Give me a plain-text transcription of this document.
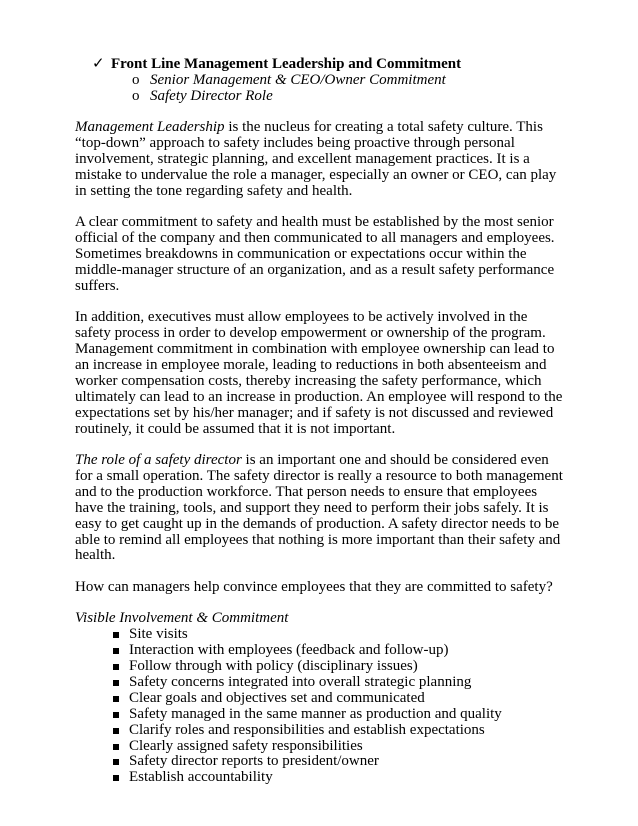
✓ Front Line Management Leadership and Commitment
o Senior Management & CEO/Owner Commitment
o Safety Director Role

Management Leadership is the nucleus for creating a total safety culture. This “top-down” approach to safety includes being proactive through personal involvement, strategic planning, and excellent management practices. It is a mistake to undervalue the role a manager, especially an owner or CEO, can play in setting the tone regarding safety and health.

A clear commitment to safety and health must be established by the most senior official of the company and then communicated to all managers and employees. Sometimes breakdowns in communication or expectations occur within the middle-manager structure of an organization, and as a result safety performance suffers.

In addition, executives must allow employees to be actively involved in the safety process in order to develop empowerment or ownership of the program. Management commitment in combination with employee ownership can lead to an increase in employee morale, leading to reductions in both absenteeism and worker compensation costs, thereby increasing the safety performance, which ultimately can lead to an increase in production. An employee will respond to the expectations set by his/her manager; and if safety is not discussed and reviewed routinely, it could be assumed that it is not important.

The role of a safety director is an important one and should be considered even for a small operation. The safety director is really a resource to both management and to the production workforce. That person needs to ensure that employees have the training, tools, and support they need to perform their jobs safely. It is easy to get caught up in the demands of production. A safety director needs to be able to remind all employees that nothing is more important than their safety and health.

How can managers help convince employees that they are committed to safety?

Visible Involvement & Commitment
Site visits
Interaction with employees (feedback and follow-up)
Follow through with policy (disciplinary issues)
Safety concerns integrated into overall strategic planning
Clear goals and objectives set and communicated
Safety managed in the same manner as production and quality
Clarify roles and responsibilities and establish expectations
Clearly assigned safety responsibilities
Safety director reports to president/owner
Establish accountability
